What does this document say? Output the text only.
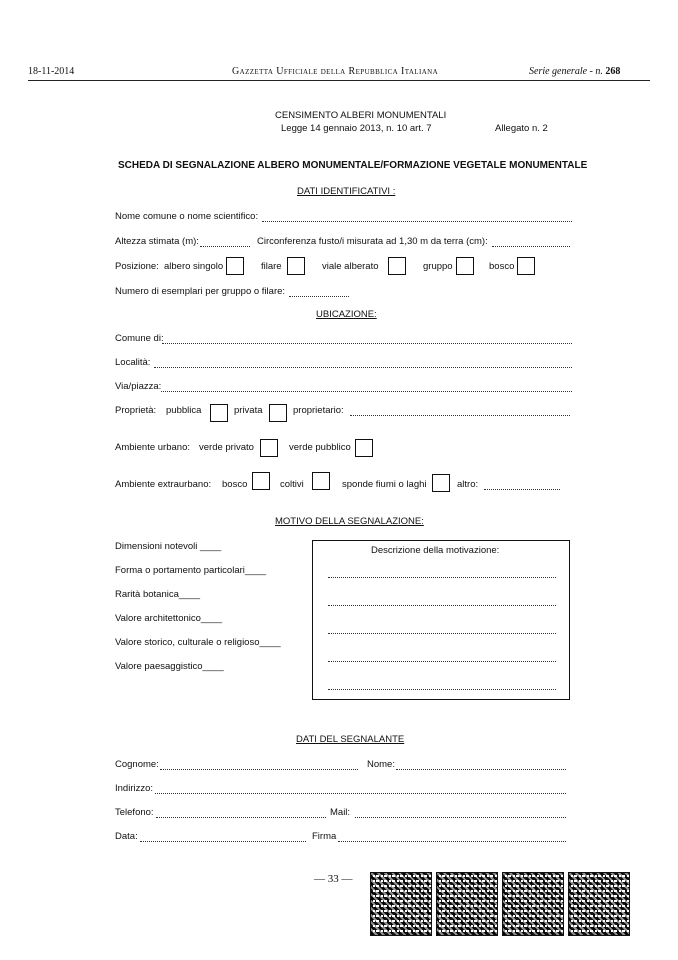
18-11-2014	Gazzetta Ufficiale della Repubblica Italiana	Serie generale - n. 268
CENSIMENTO ALBERI MONUMENTALI
Legge 14 gennaio 2013, n. 10 art. 7	Allegato n. 2
SCHEDA DI SEGNALAZIONE ALBERO MONUMENTALE/FORMAZIONE VEGETALE MONUMENTALE
DATI IDENTIFICATIVI :
Nome comune o nome scientifico:
Altezza stimata (m):	Circonferenza fusto/i misurata ad 1,30 m da terra (cm):
Posizione: albero singolo	filare	viale alberato	gruppo	bosco
Numero di esemplari per gruppo o filare:
UBICAZIONE:
Comune di:
Località:
Via/piazza:
Proprietà: pubblica	privata	proprietario:
Ambiente urbano: verde privato	verde pubblico
Ambiente extraurbano: bosco	coltivi	sponde fiumi o laghi	altro:
MOTIVO DELLA SEGNALAZIONE:
Dimensioni notevoli ____
Forma o portamento particolari____
Rarità botanica____
Valore architettonico____
Valore storico, culturale o religioso____
Valore paesaggistico____
Descrizione della motivazione:
DATI DEL SEGNALANTE
Cognome:	Nome:
Indirizzo:
Telefono:	Mail:
Data:	Firma
— 33 —
